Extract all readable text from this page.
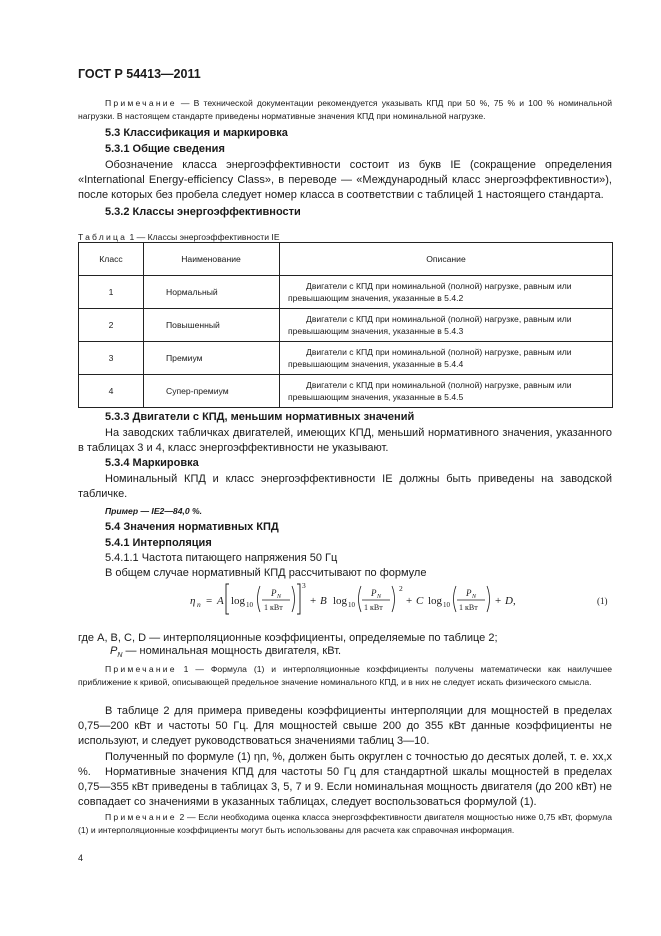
ГОСТ Р 54413—2011
Примечание — В технической документации рекомендуется указывать КПД при 50 %, 75 % и 100 % номинальной нагрузки. В настоящем стандарте приведены нормативные значения КПД при номинальной нагрузке.
5.3 Классификация и маркировка
5.3.1 Общие сведения
Обозначение класса энергоэффективности состоит из букв IE (сокращение определения «International Energy-efficiency Class», в переводе — «Международный класс энергоэффективности»), после которых без пробела следует номер класса в соответствии с таблицей 1 настоящего стандарта.
5.3.2 Классы энергоэффективности
Таблица 1 — Классы энергоэффективности IE
Класс	Наименование	Описание
1	Нормальный	Двигатели с КПД при номинальной (полной) нагрузке, равным или превышающим значения, указанные в 5.4.2

2	Повышенный	Двигатели с КПД при номинальной (полной) нагрузке, равным или превышающим значения, указанные в 5.4.3

3	Премиум	Двигатели с КПД при номинальной (полной) нагрузке, равным или превышающим значения, указанные в 5.4.4

4	Супер-премиум	Двигатели с КПД при номинальной (полной) нагрузке, равным или превышающим значения, указанные в 5.4.5
5.3.3 Двигатели с КПД, меньшим нормативных значений
На заводских табличках двигателей, имеющих КПД, меньший нормативного значения, указанного в таблицах 3 и 4, класс энергоэффективности не указывают.
5.3.4 Маркировка
Номинальный КПД и класс энергоэффективности IE должны быть приведены на заводской табличке.
Пример — IE2—84,0 %.
5.4 Значения нормативных КПД
5.4.1 Интерполяция
5.4.1.1 Частота питающего напряжения 50 Гц
В общем случае нормативный КПД рассчитывают по формуле
η n = A log 10
P N
1 кВт
3
+ B log 10
P N
1 кВт
2
+ C log 10
P N
1 кВт
+ D ,	(1)
где A, B, C, D — интерполяционные коэффициенты, определяемые по таблице 2;
$P_N$ — номинальная мощность двигателя, кВт.
Примечание 1 — Формула (1) и интерполяционные коэффициенты получены математически как наилучшее приближение к кривой, описывающей предельное значение номинального КПД, и в них не следует искать физического смысла.
В таблице 2 для примера приведены коэффициенты интерполяции для мощностей в пределах 0,75—200 кВт и частоты 50 Гц. Для мощностей свыше 200 до 355 кВт данные коэффициенты не используют, и следует руководствоваться значениями таблиц 3—10.
Полученный по формуле (1) ηn, %, должен быть округлен с точностью до десятых долей, т. е. xx,x %.	Нормативные значения КПД для частоты 50 Гц для стандартной шкалы мощностей в пределах 0,75—355 кВт приведены в таблицах 3, 5, 7 и 9. Если номинальная мощность двигателя (до 200 кВт) не совпадает со значениями в указанных таблицах, следует воспользоваться формулой (1).
Примечание 2 — Если необходима оценка класса энергоэффективности двигателя мощностью ниже 0,75 кВт, формула (1) и интерполяционные коэффициенты могут быть использованы для расчета как справочная информация.
4
